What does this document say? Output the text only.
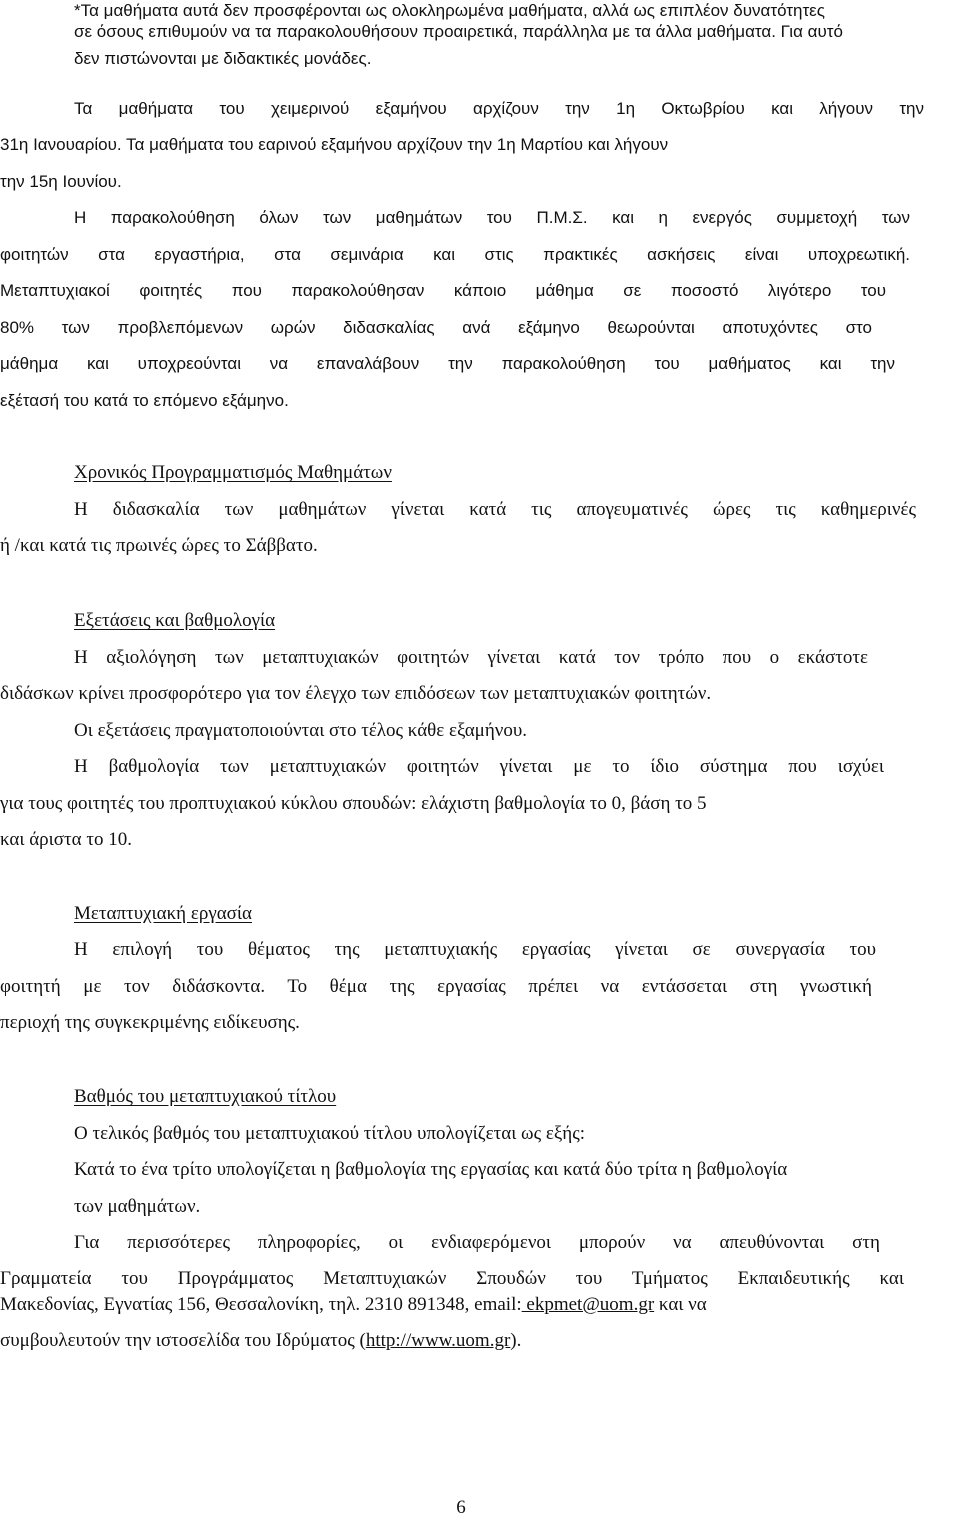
*Τα μαθήματα αυτά δεν προσφέρονται ως ολοκληρωμένα μαθήματα, αλλά ως επιπλέον δυνατότητες
σε όσους επιθυμούν να τα παρακολουθήσουν προαιρετικά, παράλληλα με τα άλλα μαθήματα. Για αυτό
δεν πιστώνονται με διδακτικές μονάδες.
Τα μαθήματα του χειμερινού εξαμήνου αρχίζουν την 1η Οκτωβρίου και λήγουν την
31η Ιανουαρίου. Τα μαθήματα του εαρινού εξαμήνου αρχίζουν την 1η Μαρτίου και λήγουν
την 15η Ιουνίου.
Η παρακολούθηση όλων των μαθημάτων του Π.Μ.Σ. και η ενεργός συμμετοχή των
φοιτητών στα εργαστήρια, στα σεμινάρια και στις πρακτικές ασκήσεις είναι υποχρεωτική.
Μεταπτυχιακοί φοιτητές που παρακολούθησαν κάποιο μάθημα σε ποσοστό λιγότερο του
80% των προβλεπόμενων ωρών διδασκαλίας ανά εξάμηνο θεωρούνται αποτυχόντες στο
μάθημα και υποχρεούνται να επαναλάβουν την παρακολούθηση του μαθήματος και την
εξέτασή του κατά το επόμενο εξάμηνο.
Χρονικός Προγραμματισμός Μαθημάτων
Η διδασκαλία των μαθημάτων γίνεται κατά τις απογευματινές ώρες τις καθημερινές
ή /και κατά τις πρωινές ώρες το Σάββατο.
Εξετάσεις και βαθμολογία
Η αξιολόγηση των μεταπτυχιακών φοιτητών γίνεται κατά τον τρόπο που ο εκάστοτε
διδάσκων κρίνει προσφορότερο για τον έλεγχο των επιδόσεων των μεταπτυχιακών φοιτητών.
Οι εξετάσεις πραγματοποιούνται στο τέλος κάθε εξαμήνου.
Η βαθμολογία των μεταπτυχιακών φοιτητών γίνεται με το ίδιο σύστημα που ισχύει
για τους φοιτητές του προπτυχιακού κύκλου σπουδών: ελάχιστη βαθμολογία το 0, βάση το 5
και άριστα το 10.
Μεταπτυχιακή εργασία
Η επιλογή του θέματος της μεταπτυχιακής εργασίας γίνεται σε συνεργασία του
φοιτητή με τον διδάσκοντα. Το θέμα της εργασίας πρέπει να εντάσσεται στη γνωστική
περιοχή της συγκεκριμένης ειδίκευσης.
Βαθμός του μεταπτυχιακού τίτλου
Ο τελικός βαθμός του μεταπτυχιακού τίτλου υπολογίζεται ως εξής:
Κατά το ένα τρίτο υπολογίζεται η βαθμολογία της εργασίας και κατά δύο τρίτα η βαθμολογία
των μαθημάτων.
Για περισσότερες πληροφορίες, οι ενδιαφερόμενοι μπορούν να απευθύνονται στη
Γραμματεία του Προγράμματος Μεταπτυχιακών Σπουδών του Τμήματος Εκπαιδευτικής και
Μακεδονίας, Εγνατίας 156, Θεσσαλονίκη, τηλ. 2310 891348, email: ekpmet@uom.gr και να
συμβουλευτούν την ιστοσελίδα του Ιδρύματος (http://www.uom.gr).
6
